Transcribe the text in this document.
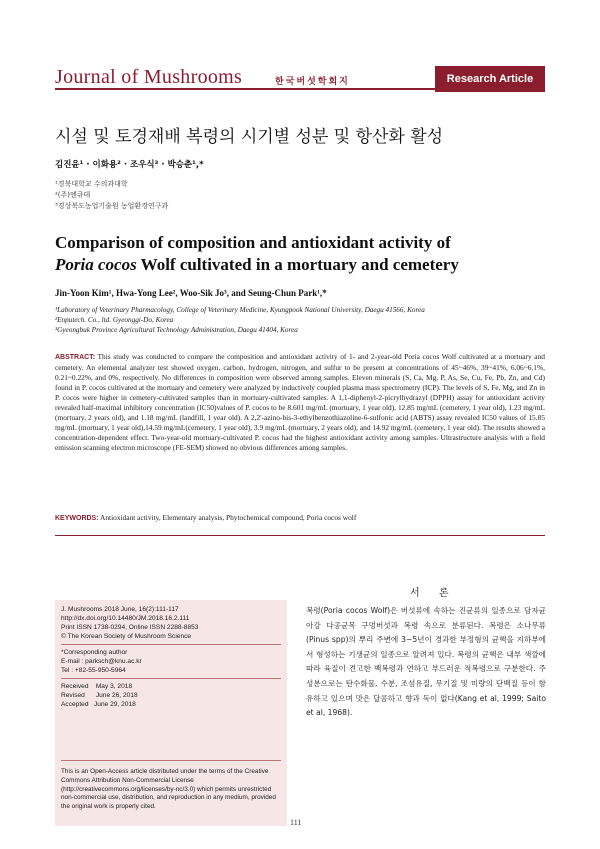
Journal of Mushrooms	한국버섯학회지	Research Article
시설 및 토경재배 복령의 시기별 성분 및 항산화 활성
김진윤¹ · 이화용² · 조우식³ · 박승춘¹,*
¹경북대학교 수의과대학
²(주)엔큐테
³경상북도농업기술원 농업환경연구과
Comparison of composition and antioxidant activity of
Poria cocos Wolf cultivated in a mortuary and cemetery
Jin-Yoon Kim¹, Hwa-Yong Lee², Woo-Sik Jo³, and Seung-Chun Park¹,*
¹Laboratory of Veterinary Pharmacology, College of Veterinary Medicine, Kyungpook National University, Daegu 41566, Korea
²Enputech. Co., ltd. Gyeonggi-Do, Korea
³Gyeongbuk Province Agricultural Technology Administration, Daegu 41404, Korea
ABSTRACT: This study was conducted to compare the composition and antioxidant activity of 1- and 2-year-old Poria cocos Wolf cultivated at a mortuary and cemetery. An elemental analyzer test showed oxygen, carbon, hydrogen, nitrogen, and sulfur to be present at concentrations of 45~46%, 39~41%, 6.06~6.1%, 0.21~0.22%, and 0%, respectively. No differences in composition were observed among samples. Eleven minerals (S, Ca, Mg, P, As, Se, Cu, Fe, Pb, Zn, and Cd) found in P. cocos cultivated at the mortuary and cemetery were analyzed by inductively coupled plasma mass spectrometry (ICP). The levels of S, Fe, Mg, and Zn in P. cocos were higher in cemetery-cultivated samples than in mortuary-cultivated samples. A 1,1-diphenyl-2-picrylhydrazyl (DPPH) assay for antioxidant activity revealed half-maximal inhibitory concentration (IC50)values of P. cocos to be 8.601 mg/mL (mortuary, 1 year old), 12.85 mg/mL (cemetery, 1 year old), 1.23 mg/mL (mortuary, 2 years old), and 1.18 mg/mL (landfill, 1 year old). A 2,2'-azino-bis-3-ethylbenzothiazoline-6-sulfonic acid (ABTS) assay revealed IC50 values of 15.85 mg/mL (mortuary, 1 year old),14.59 mg/mL(cemetery, 1 year old), 3.9 mg/mL (mortuary, 2 years old), and 14.92 mg/mL (cemetery, 1 year old). The results showed a concentration-dependent effect. Two-year-old mortuary-cultivated P. cocos had the highest antioxidant activity among samples. Ultrastructure analysis with a field emission scanning electron microscope (FE-SEM) showed no obvious differences among samples.
KEYWORDS: Antioxidant activity, Elementary analysis, Phytochemical compound, Poria cocos wolf
J. Mushrooms 2018 June, 16(2):111-117
http://dx.doi.org/10.14480/JM.2018.16.2.111
Print ISSN 1738-0294, Online ISSN 2288-8853
© The Korean Society of Mushroom Science
*Corresponding author
E-mail : parksch@knu.ac.kr
Tel : +82-55-950-5964
Received    May 3, 2018
Revised      June 26, 2018
Accepted   June 29, 2018
This is an Open-Access article distributed under the terms of the Creative Commons Attribution Non-Commercial License (http://creativecommons.org/licenses/by-nc/3.0) which permits unrestricted non-commercial use, distribution, and reproduction in any medium, provided the original work is properly cited.
서 론
복령(Poria cocos Wolf)은 버섯류에 속하는 진균류의 일종으로 담자균아강 다공균목 구멍버섯과 복령 속으로 분류된다. 복령은 소나무류(Pinus spp)의 뿌리 주변에 3~5년이 경과한 부정형의 균핵을 지하부에서 형성하는 기생균의 일종으로 알려져 있다. 복령의 균핵은 내부 색깔에 따라 육질이 견고한 백복령과 연하고 부드러운 적복령으로 구분한다. 주성분으로는 탄수화물, 수분, 조섬유질, 무기질 및 미량의 단백질 등이 함유하고 있으며 맛은 달콤하고 향과 독이 없다(Kang et al, 1999; Saito et al, 1968).
111
